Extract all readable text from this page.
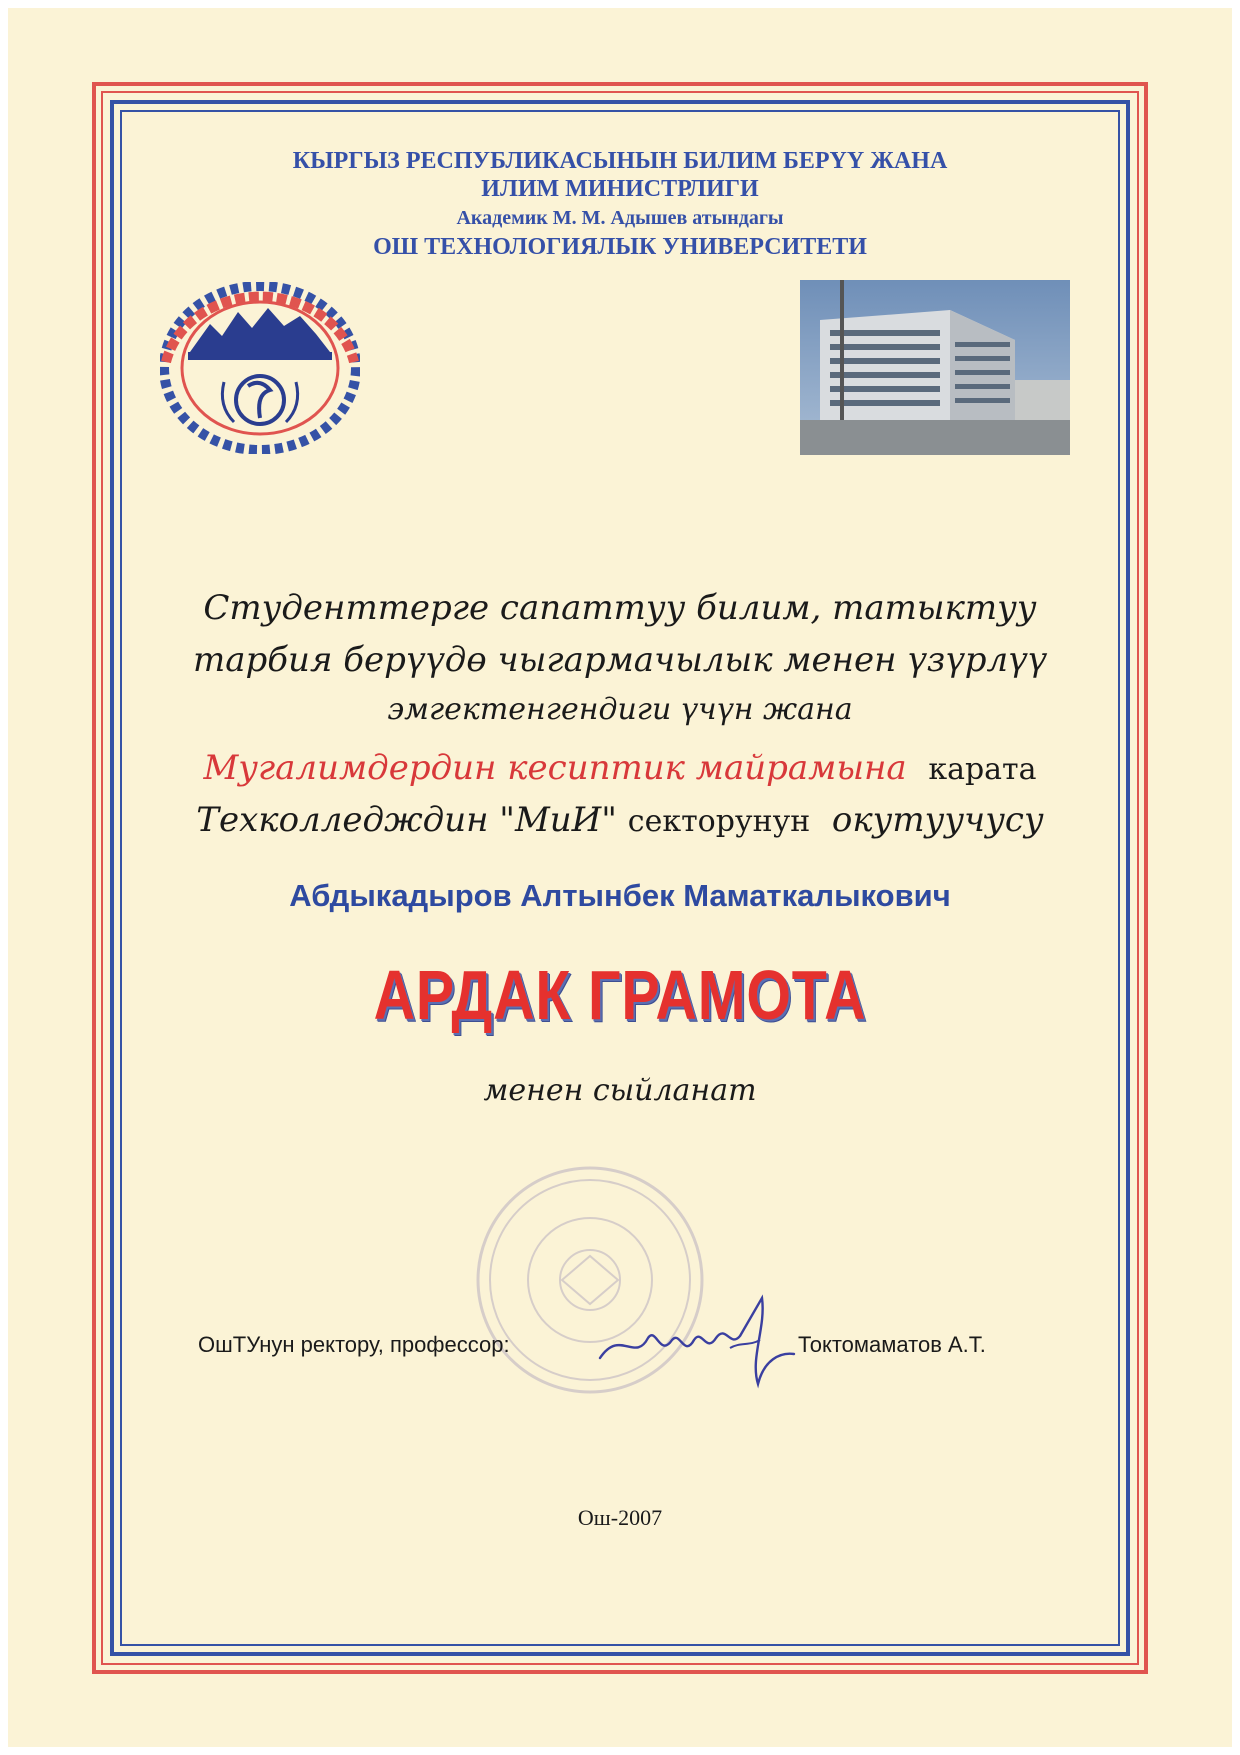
КЫРГЫЗ РЕСПУБЛИКАСЫНЫН БИЛИМ БЕРҮҮ ЖАНА
ИЛИМ МИНИСТРЛИГИ
Академик М. М. Адышев атындагы
ОШ ТЕХНОЛОГИЯЛЫК УНИВЕРСИТЕТИ
Студенттерге сапаттуу билим, татыктуу
тарбия берүүдө чыгармачылык менен үзүрлүү
эмгектенгендиги үчүн жана
Мугалимдердин кесиптик майрамына карата
Техколледждин "МиИ" секторунун окутуучусу
Абдыкадыров Алтынбек Маматкалыкович
АРДАК ГРАМОТА
менен сыйланат
ОшТУнун ректору, профессор:	Токтомаматов А.Т.
Ош-2007
